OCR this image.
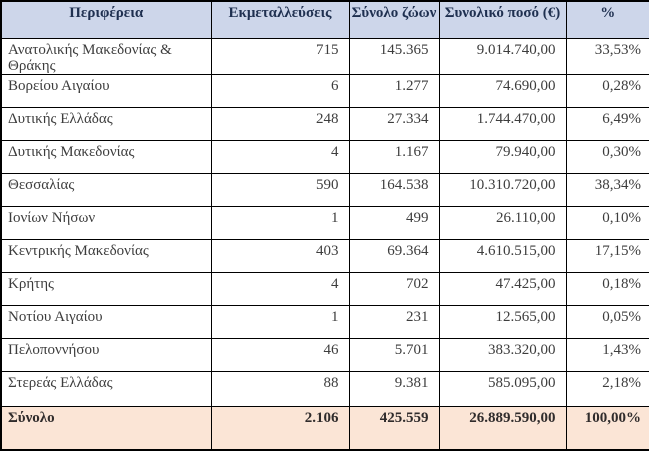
Περιφέρεια	Εκμεταλλεύσεις	Σύνολο ζώων	Συνολικό ποσό (€)	%
Ανατολικής Μακεδονίας & Θράκης	715	145.365	9.014.740,00	33,53%
Βορείου Αιγαίου	6	1.277	74.690,00	0,28%
Δυτικής Ελλάδας	248	27.334	1.744.470,00	6,49%
Δυτικής Μακεδονίας	4	1.167	79.940,00	0,30%
Θεσσαλίας	590	164.538	10.310.720,00	38,34%
Ιονίων Νήσων	1	499	26.110,00	0,10%
Κεντρικής Μακεδονίας	403	69.364	4.610.515,00	17,15%
Κρήτης	4	702	47.425,00	0,18%
Νοτίου Αιγαίου	1	231	12.565,00	0,05%
Πελοποννήσου	46	5.701	383.320,00	1,43%
Στερεάς Ελλάδας	88	9.381	585.095,00	2,18%
Σύνολο	2.106	425.559	26.889.590,00	100,00%
